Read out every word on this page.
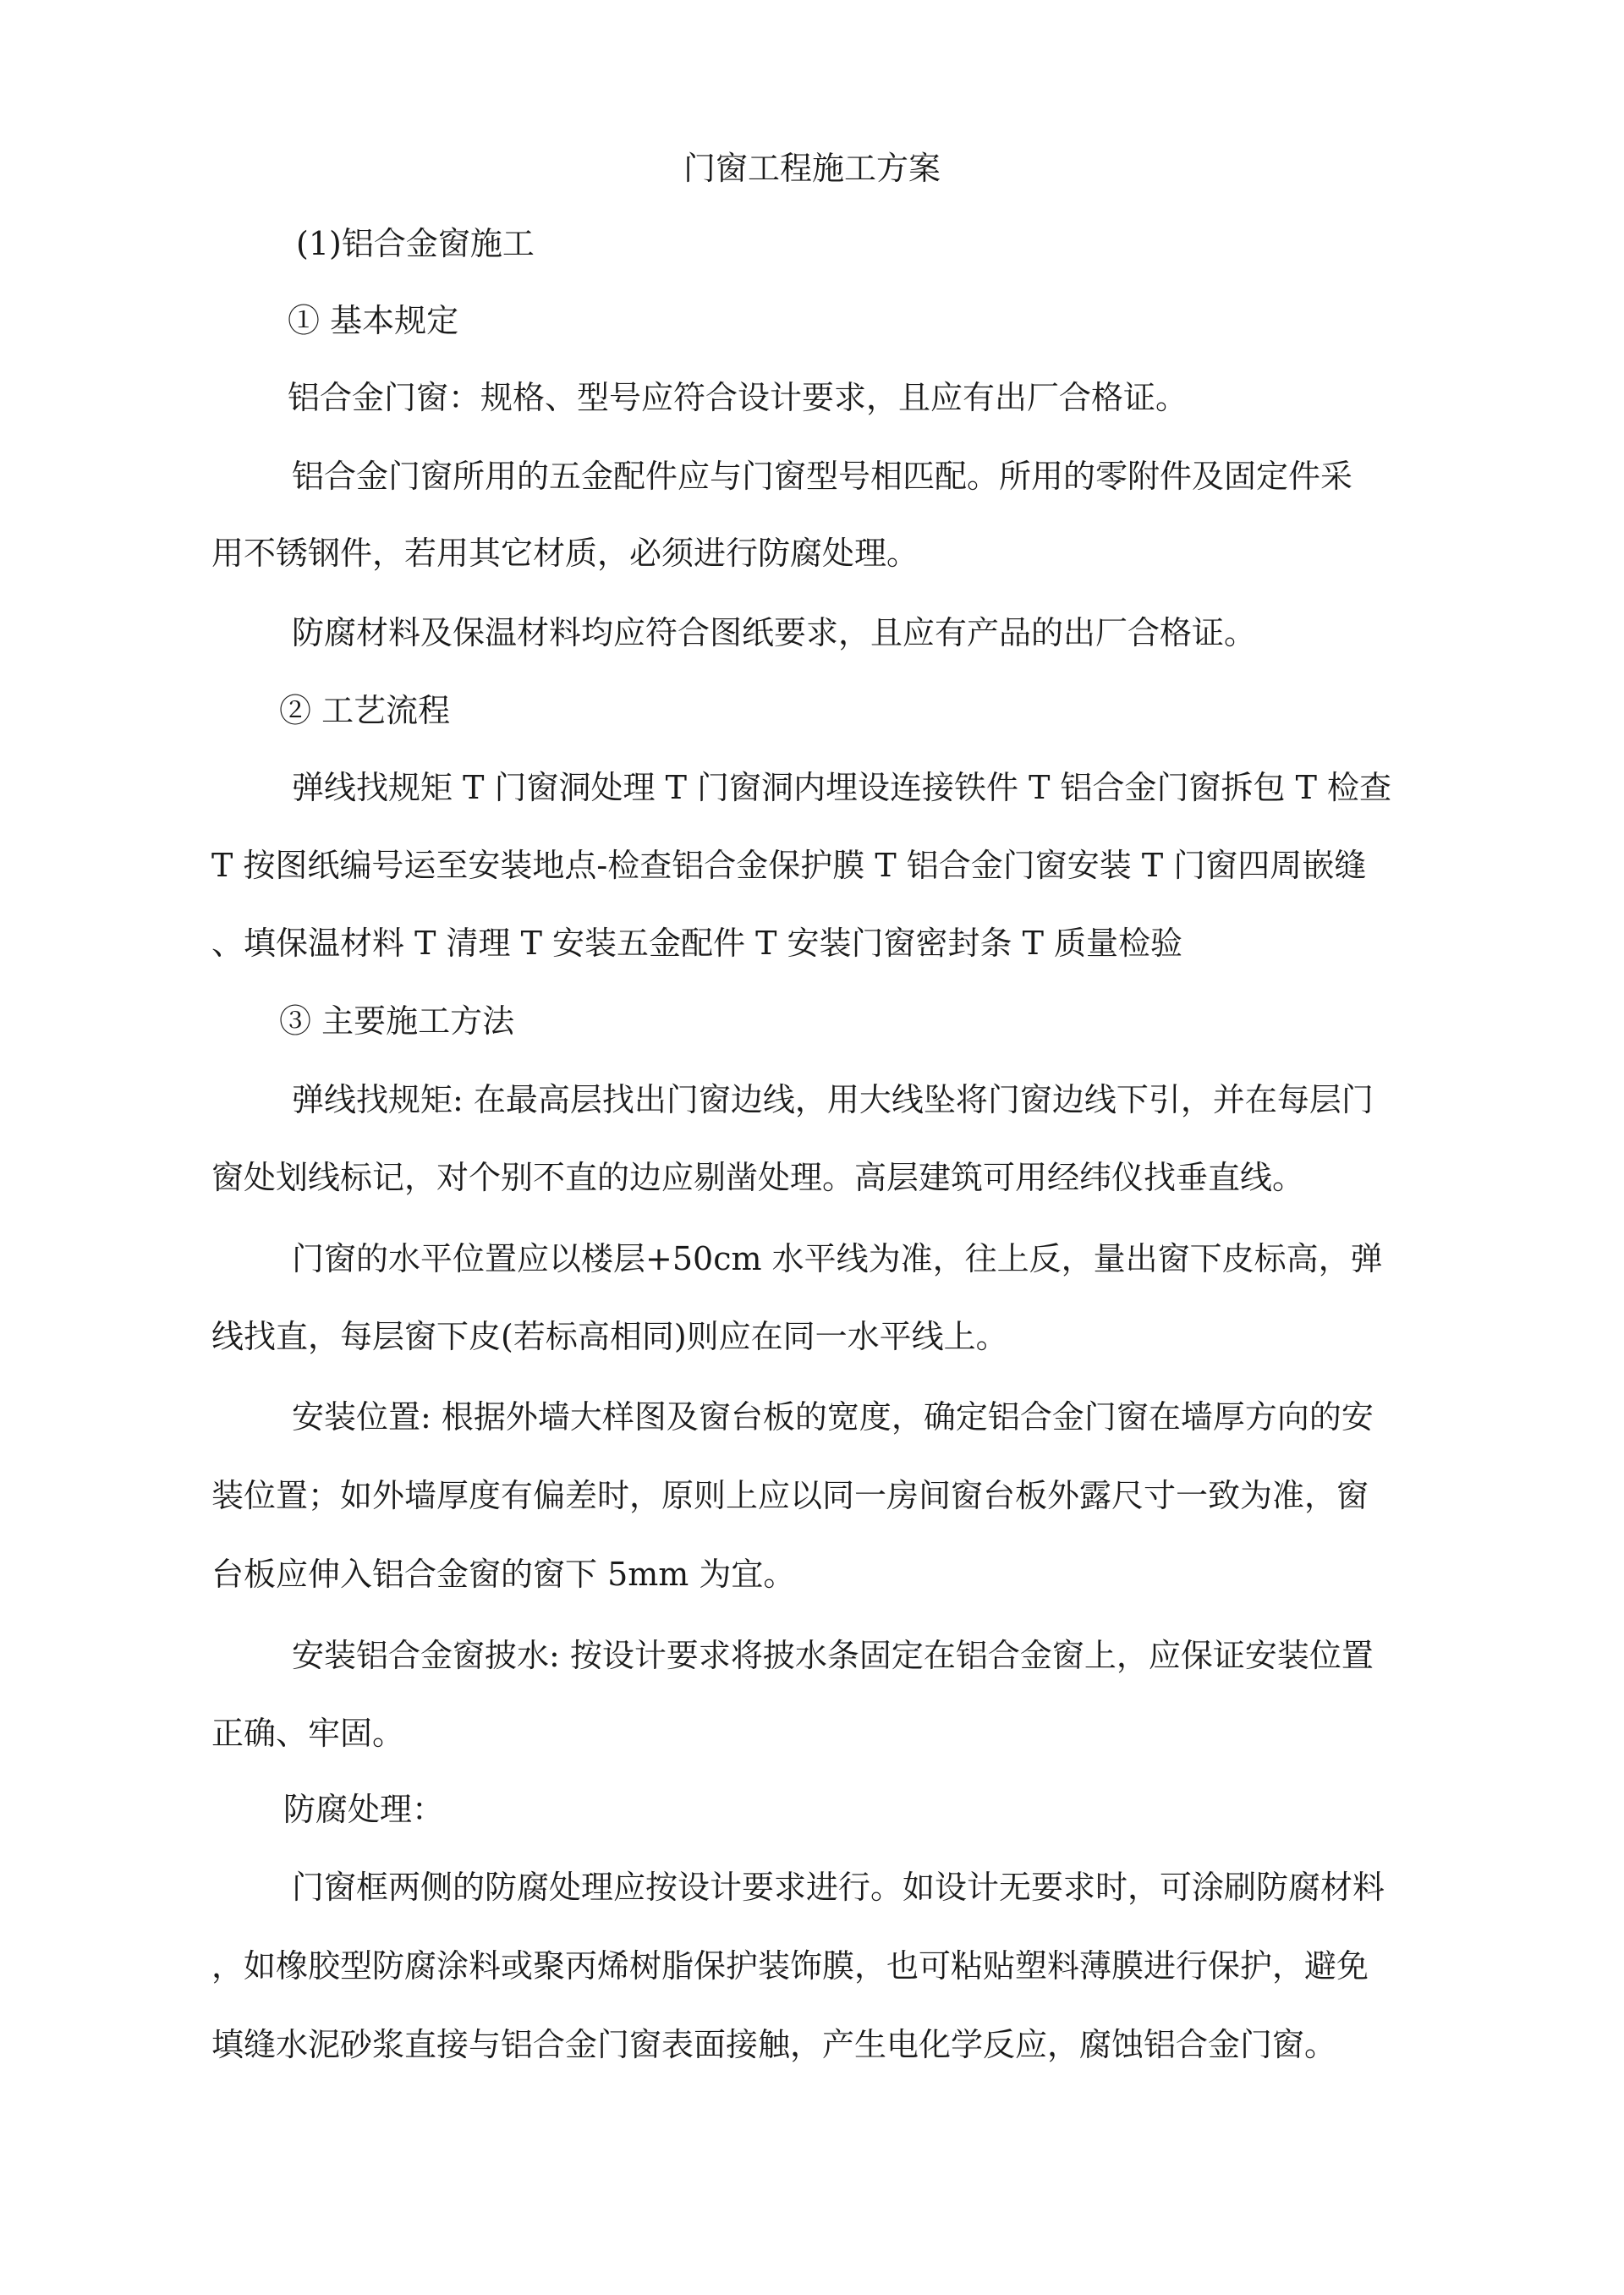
门窗工程施工方案
(1)铝合金窗施工
① 基本规定
铝合金门窗：规格、型号应符合设计要求，且应有出厂合格证。
铝合金门窗所用的五金配件应与门窗型号相匹配。所用的零附件及固定件采
用不锈钢件，若用其它材质，必须进行防腐处理。
防腐材料及保温材料均应符合图纸要求，且应有产品的出厂合格证。
② 工艺流程
弹线找规矩 T 门窗洞处理 T 门窗洞内埋设连接铁件 T 铝合金门窗拆包 T 检查
T 按图纸编号运至安装地点-检查铝合金保护膜 T 铝合金门窗安装 T 门窗四周嵌缝
、填保温材料 T 清理 T 安装五金配件 T 安装门窗密封条 T 质量检验
③ 主要施工方法
弹线找规矩: 在最高层找出门窗边线，用大线坠将门窗边线下引，并在每层门
窗处划线标记，对个别不直的边应剔凿处理。高层建筑可用经纬仪找垂直线。
门窗的水平位置应以楼层+50cm 水平线为准，往上反，量出窗下皮标高，弹
线找直，每层窗下皮(若标高相同)则应在同一水平线上。
安装位置: 根据外墙大样图及窗台板的宽度，确定铝合金门窗在墙厚方向的安
装位置；如外墙厚度有偏差时，原则上应以同一房间窗台板外露尺寸一致为准，窗
台板应伸入铝合金窗的窗下 5mm 为宜。
安装铝合金窗披水: 按设计要求将披水条固定在铝合金窗上，应保证安装位置
正确、牢固。
防腐处理：
门窗框两侧的防腐处理应按设计要求进行。如设计无要求时，可涂刷防腐材料
，如橡胶型防腐涂料或聚丙烯树脂保护装饰膜，也可粘贴塑料薄膜进行保护，避免
填缝水泥砂浆直接与铝合金门窗表面接触，产生电化学反应，腐蚀铝合金门窗。
